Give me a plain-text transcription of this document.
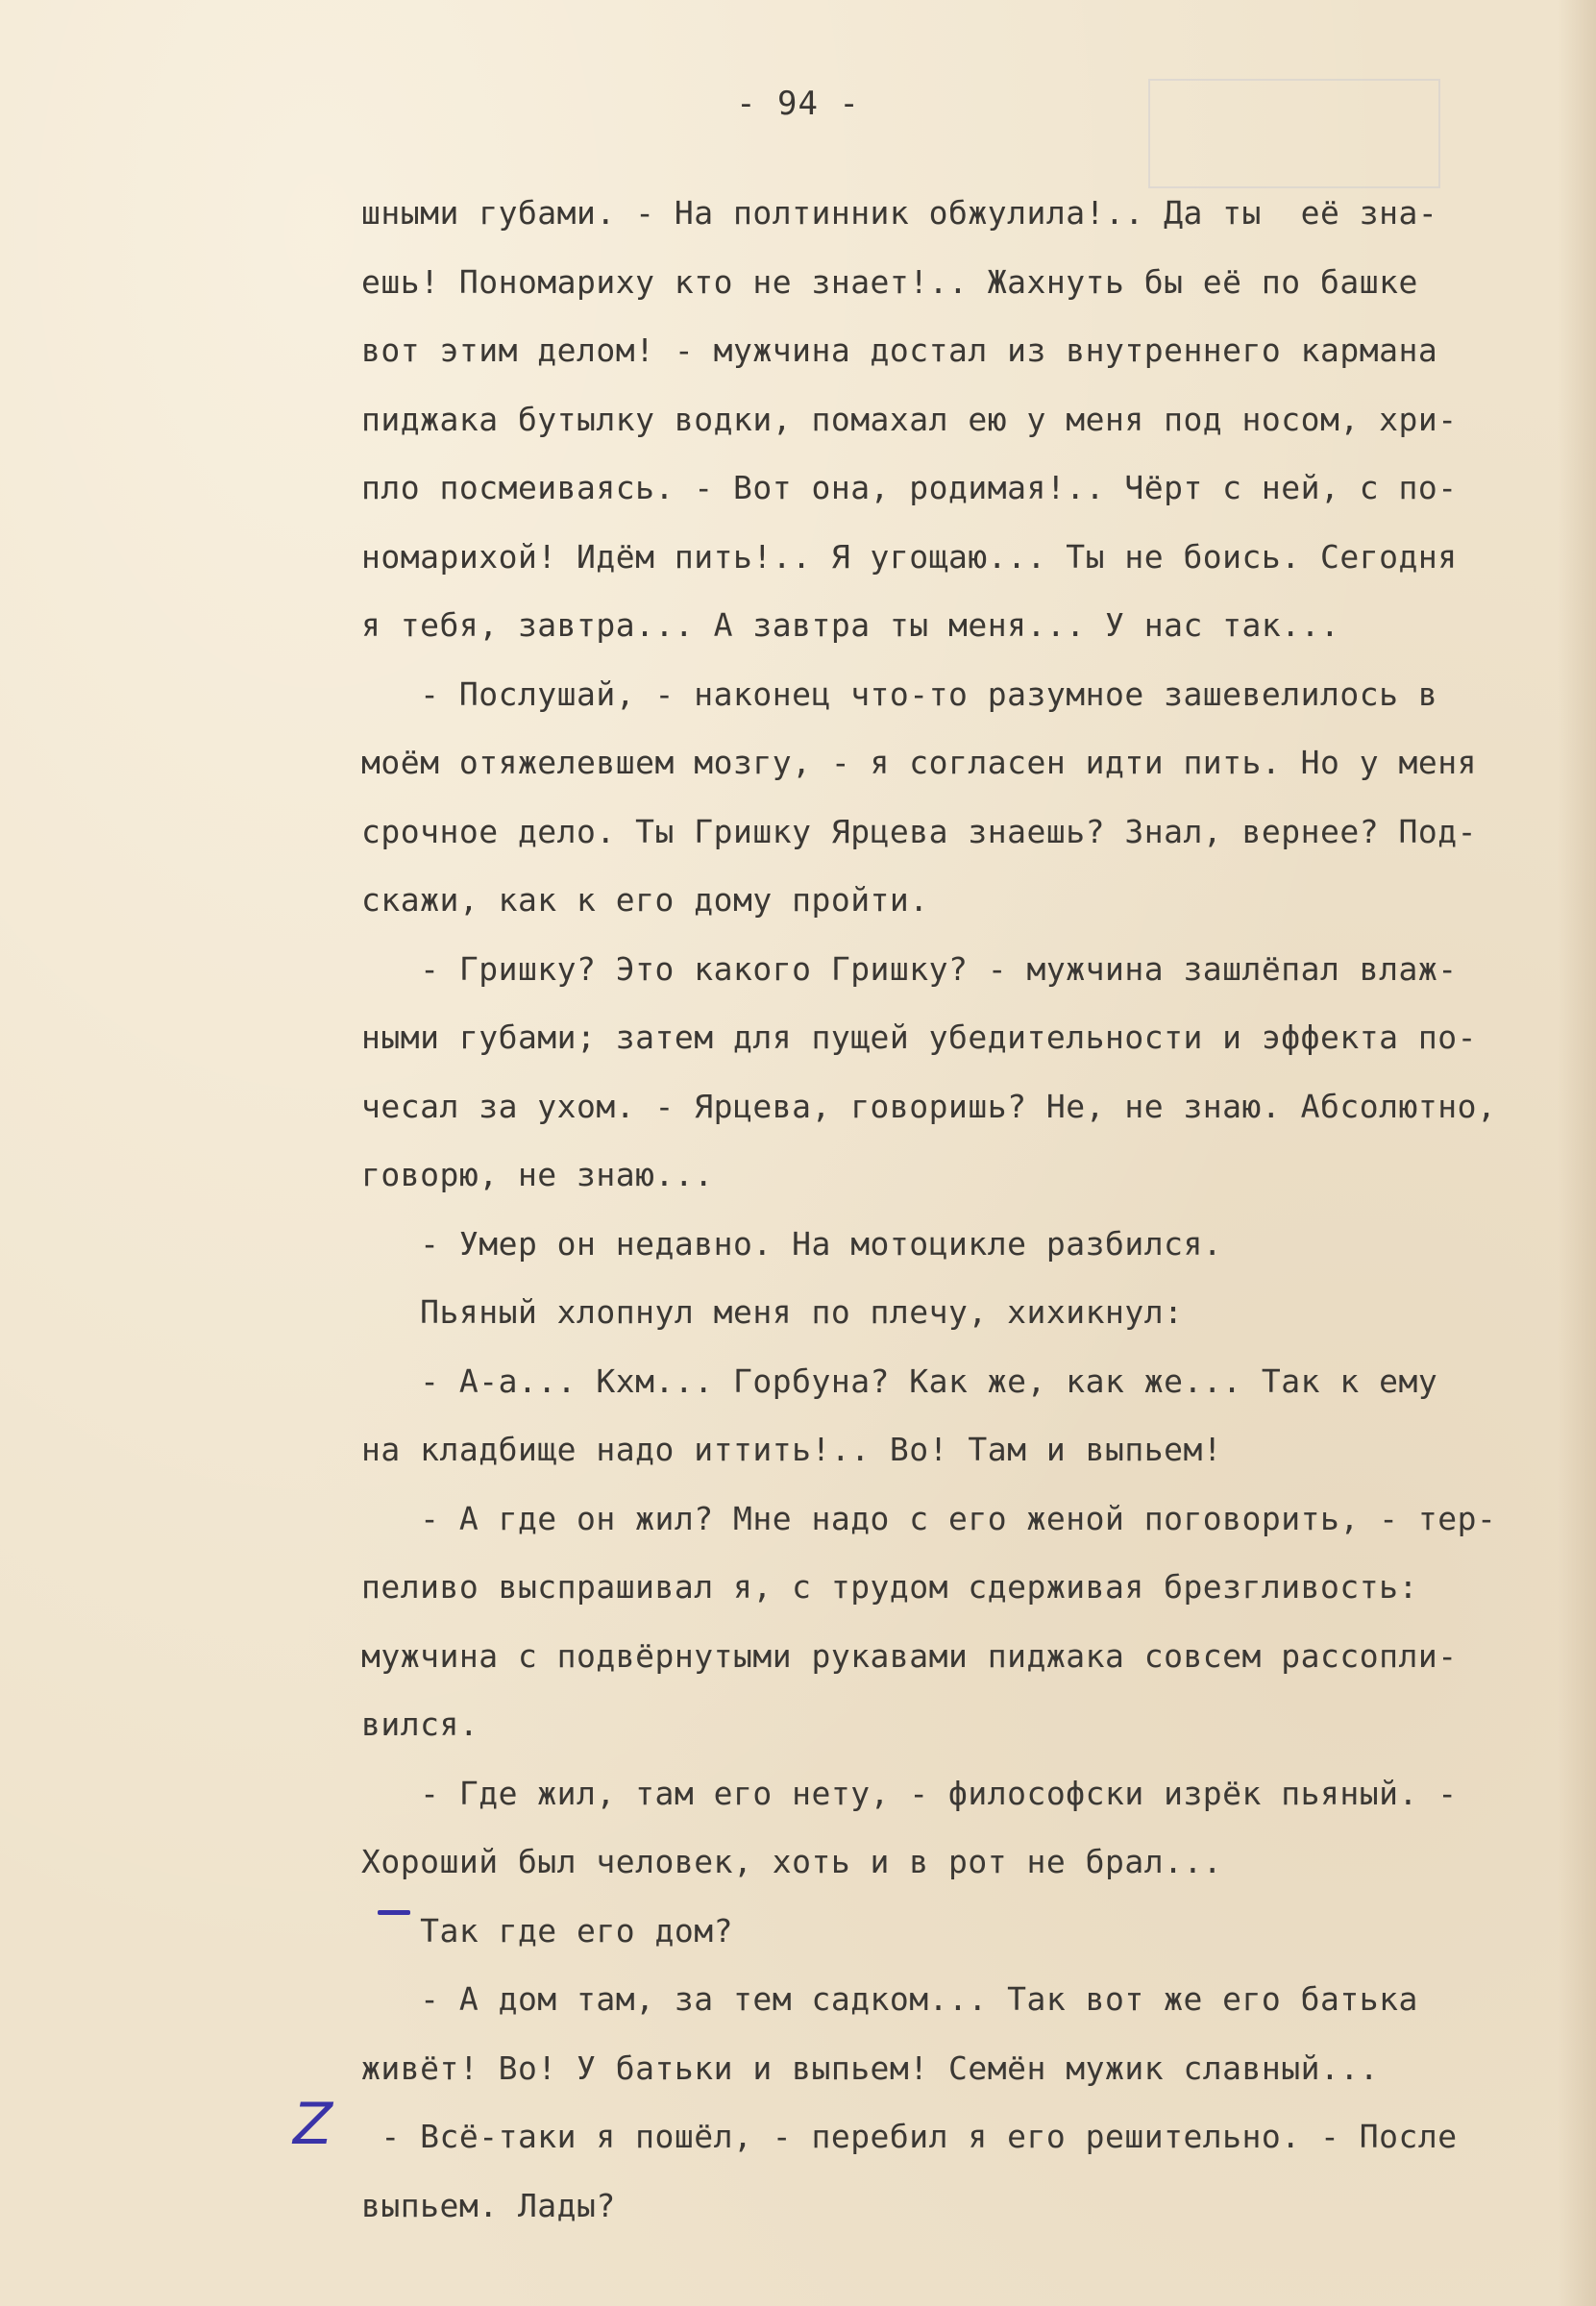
- 94 -
Z
шными губами. - На полтинник обжулила!.. Да ты  её зна-
ешь! Пономариху кто не знает!.. Жахнуть бы её по башке
вот этим делом! - мужчина достал из внутреннего кармана
пиджака бутылку водки, помахал ею у меня под носом, хри-
пло посмеиваясь. - Вот она, родимая!.. Чёрт с ней, с по-
номарихой! Идём пить!.. Я угощаю... Ты не боись. Сегодня
я тебя, завтра... А завтра ты меня... У нас так...
- Послушай, - наконец что-то разумное зашевелилось в
моём отяжелевшем мозгу, - я согласен идти пить. Но у меня
срочное дело. Ты Гришку Ярцева знаешь? Знал, вернее? Под-
скажи, как к его дому пройти.
- Гришку? Это какого Гришку? - мужчина зашлёпал влаж-
ными губами; затем для пущей убедительности и эффекта по-
чесал за ухом. - Ярцева, говоришь? Не, не знаю. Абсолютно,
говорю, не знаю...
- Умер он недавно. На мотоцикле разбился.
Пьяный хлопнул меня по плечу, хихикнул:
- А-а... Кхм... Горбуна? Как же, как же... Так к ему
на кладбище надо иттить!.. Во! Там и выпьем!
- А где он жил? Мне надо с его женой поговорить, - тер-
пеливо выспрашивал я, с трудом сдерживая брезгливость:
мужчина с подвёрнутыми рукавами пиджака совсем рассопли-
вился.
- Где жил, там его нету, - философски изрёк пьяный. -
Хороший был человек, хоть и в рот не брал...
Так где его дом?
- А дом там, за тем садком... Так вот же его батька
живёт! Во! У батьки и выпьем! Семён мужик славный...
- Всё-таки я пошёл, - перебил я его решительно. - После
выпьем. Лады?
